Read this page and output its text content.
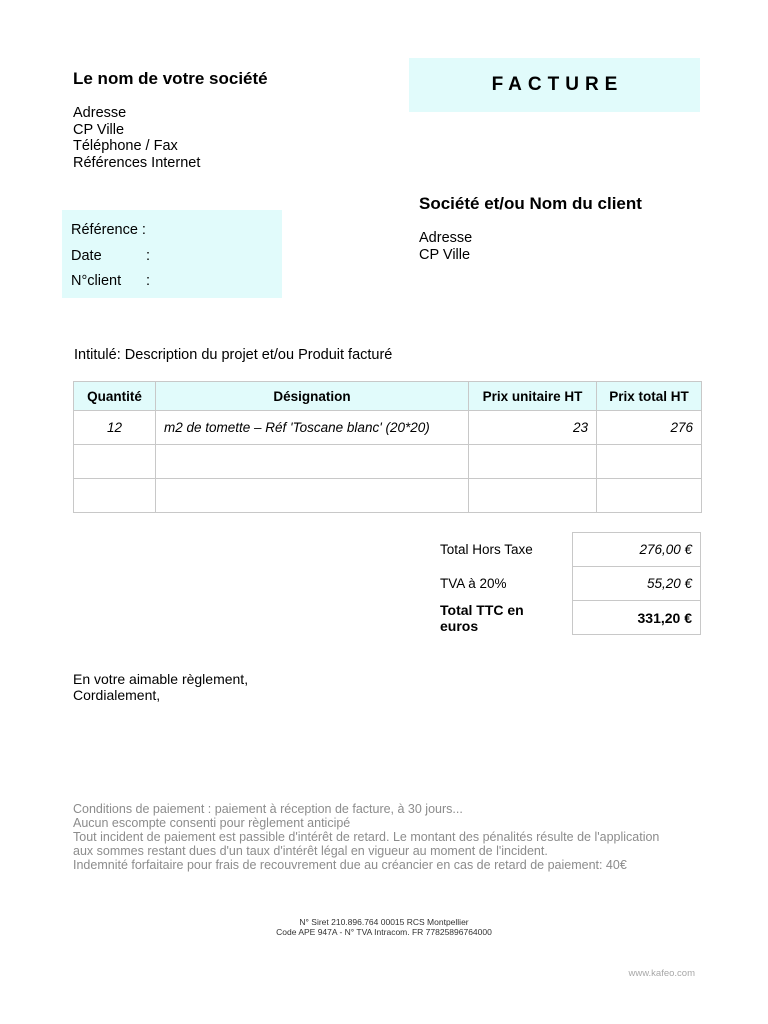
Le nom de votre société
Adresse
CP Ville
Téléphone / Fax
Références Internet
FACTURE
Référence :
Date	:
N°client	:
Société et/ou Nom du client
Adresse
CP Ville
Intitulé: Description du projet et/ou Produit facturé
Quantité	Désignation	Prix unitaire HT	Prix total HT
12	m2 de tomette – Réf 'Toscane blanc' (20*20)	23	276

Total Hors Taxe	276,00 €
TVA à 20%	55,20 €
Total TTC en euros	331,20 €
En votre aimable règlement,
Cordialement,
Conditions de paiement : paiement à réception de facture, à 30 jours...
Aucun escompte consenti pour règlement anticipé
Tout incident de paiement est passible d'intérêt de retard. Le montant des pénalités résulte de l'application
aux sommes restant dues d'un taux d'intérêt légal en vigueur au moment de l'incident.
Indemnité forfaitaire pour frais de recouvrement due au créancier en cas de retard de paiement: 40€
N° Siret 210.896.764 00015 RCS Montpellier
Code APE 947A - N° TVA Intracom. FR 77825896764000
www.kafeo.com
